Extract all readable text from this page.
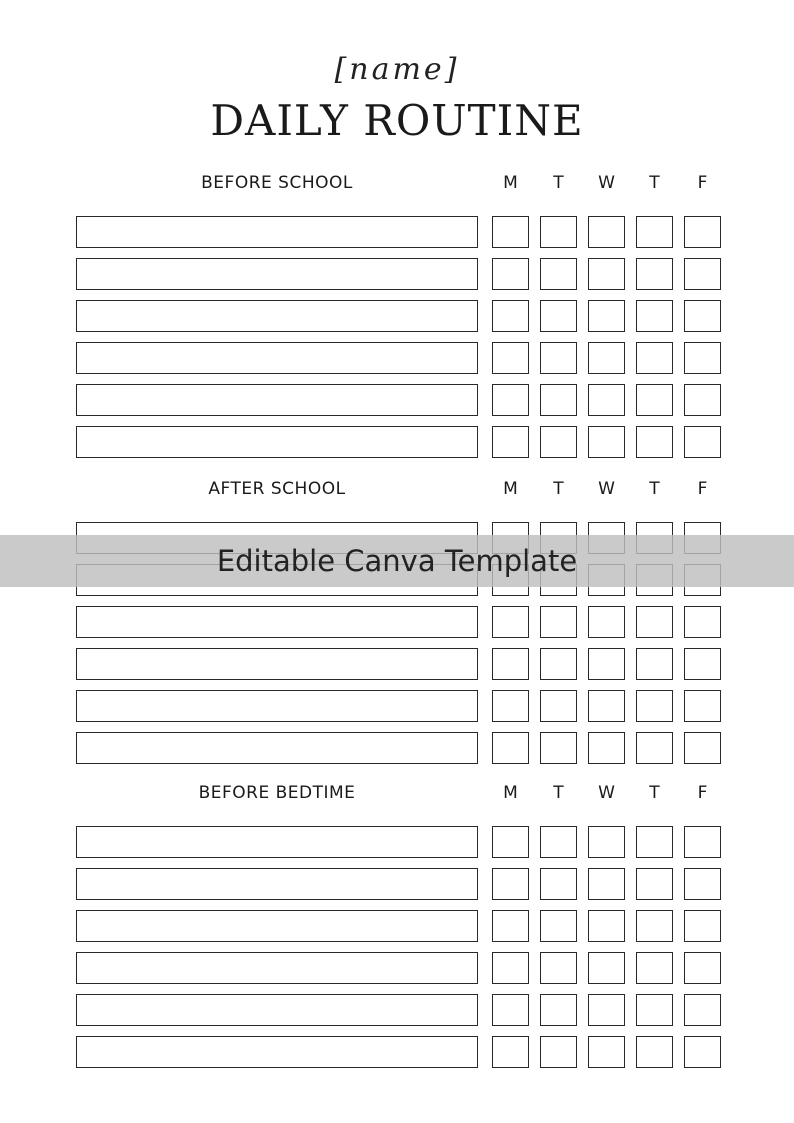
[name]
DAILY ROUTINE
BEFORE SCHOOL	M	T	W	T	F
AFTER SCHOOL	M	T	W	T	F
BEFORE BEDTIME	M	T	W	T	F
Editable Canva Template
